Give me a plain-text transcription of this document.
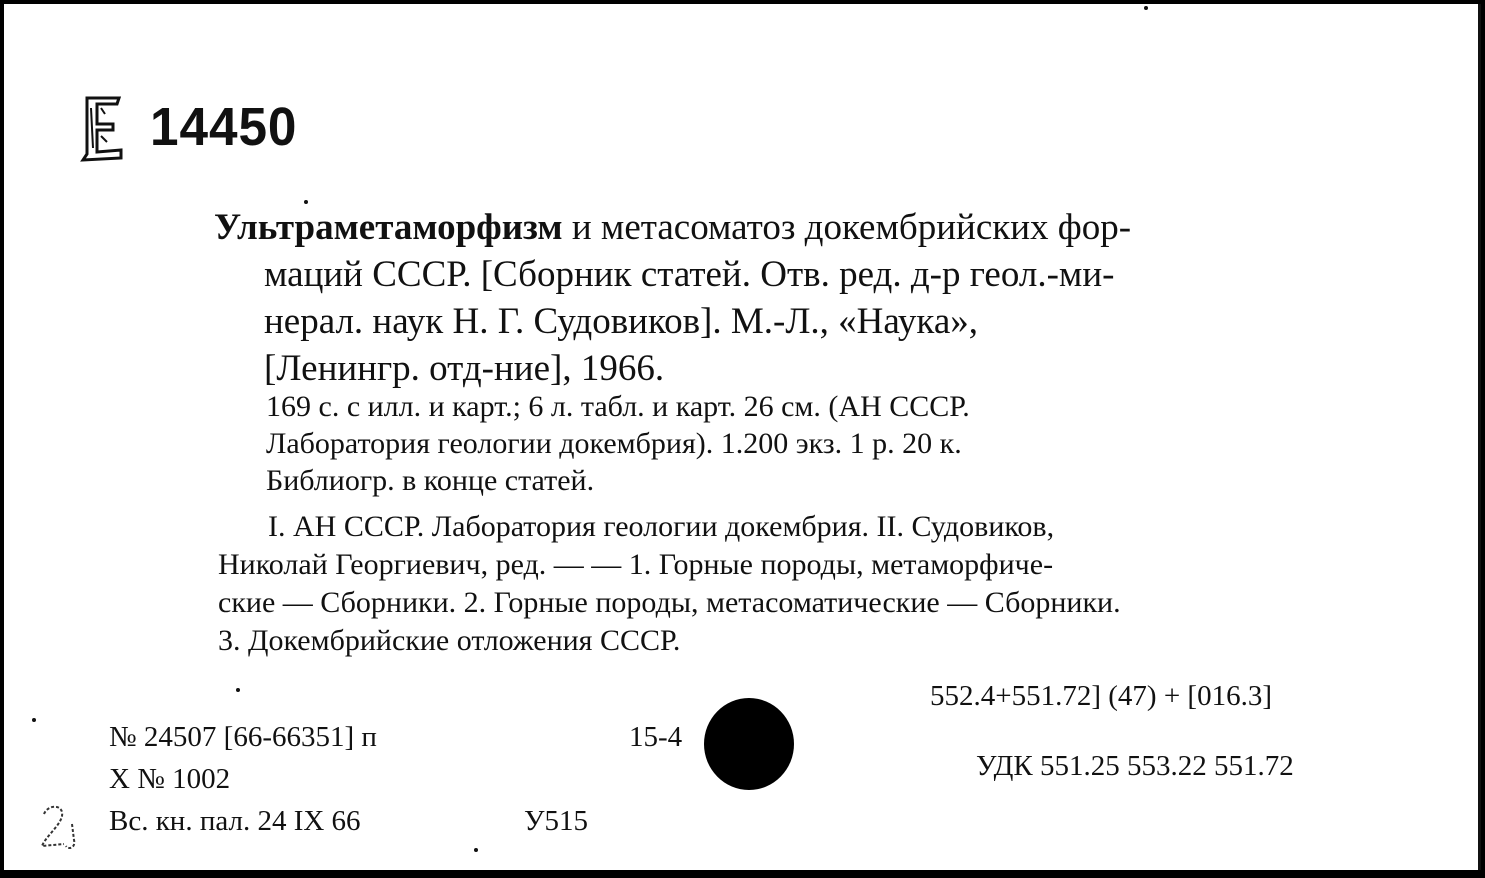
14450
Ультраметаморфизм и метасоматоз докембрийских фор-
маций СССР. [Сборник статей. Отв. ред. д-р геол.-ми-
нерал. наук Н. Г. Судовиков]. М.-Л., «Наука»,
[Ленингр. отд-ние], 1966.
169 с. с илл. и карт.; 6 л. табл. и карт. 26 см. (АН СССР.
Лаборатория геологии докембрия). 1.200 экз. 1 р. 20 к.
Библиогр. в конце статей.
I. АН СССР. Лаборатория геологии докембрия. II. Судовиков,
Николай Георгиевич, ред. — — 1. Горные породы, метаморфиче-
ские — Сборники. 2. Горные породы, метасоматические — Сборники.
3. Докембрийские отложения СССР.
№ 24507 [66-66351] п	15-4
Х № 1002
Вс. кн. пал. 24 IX 66	У515
552.4+551.72] (47) + [016.3]
УДК 551.25 553.22 551.72
